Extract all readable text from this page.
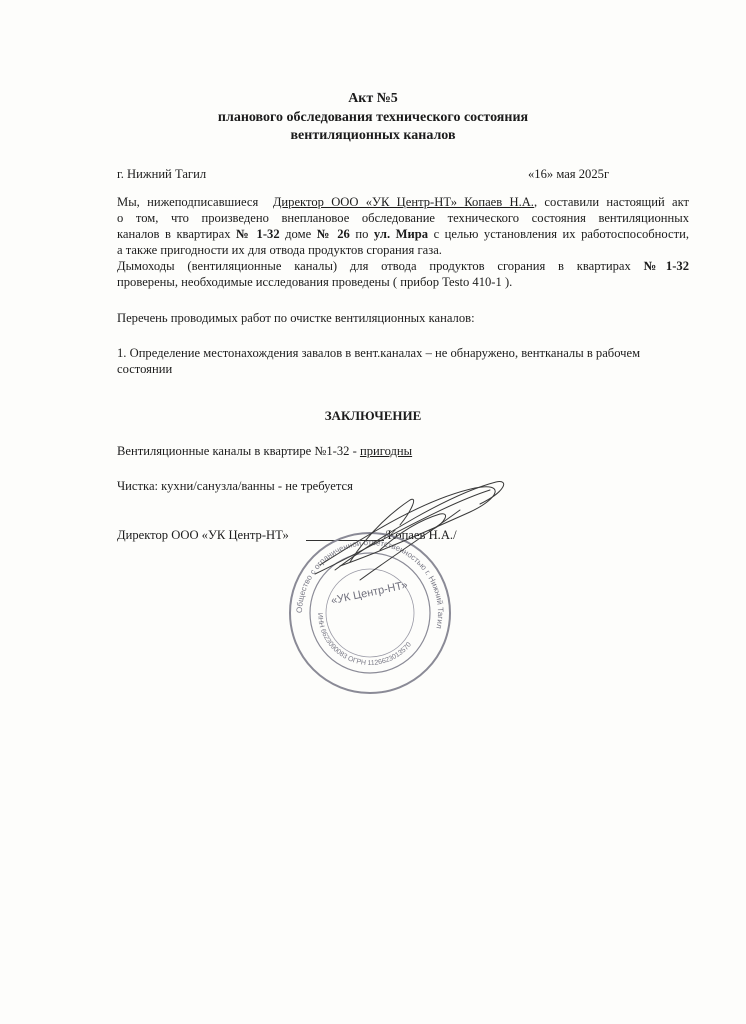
Акт №5
планового обследования технического состояния
вентиляционных каналов
г. Нижний Тагил	«16» мая 2025г
Мы, нижеподписавшиеся Директор ООО «УК Центр-НТ» Копаев Н.А., составили настоящий акт
о том, что произведено внеплановое обследование технического состояния вентиляционных
каналов в квартирах № 1-32 доме № 26 по ул. Мира с целью установления их работоспособности,
а также пригодности их для отвода продуктов сгорания газа.
Дымоходы (вентиляционные каналы) для отвода продуктов сгорания в квартирах №1-32
проверены, необходимые исследования проведены ( прибор Testo 410-1 ).
Перечень проводимых работ по очистке вентиляционных каналов:
1. Определение местонахождения завалов в вент.каналах – не обнаружено, вентканалы в рабочем
состоянии
ЗАКЛЮЧЕНИЕ
Вентиляционные каналы в квартире №1-32 - пригодны
Чистка: кухни/санузла/ванны - не требуется
Директор ООО «УК Центр-НТ»	/Копаев Н.А./
Общество с ограниченной ответственностью г. Нижний Тагил
ИНН 6623090083 ОГРН 1126623013570
«УК Центр-НТ»
